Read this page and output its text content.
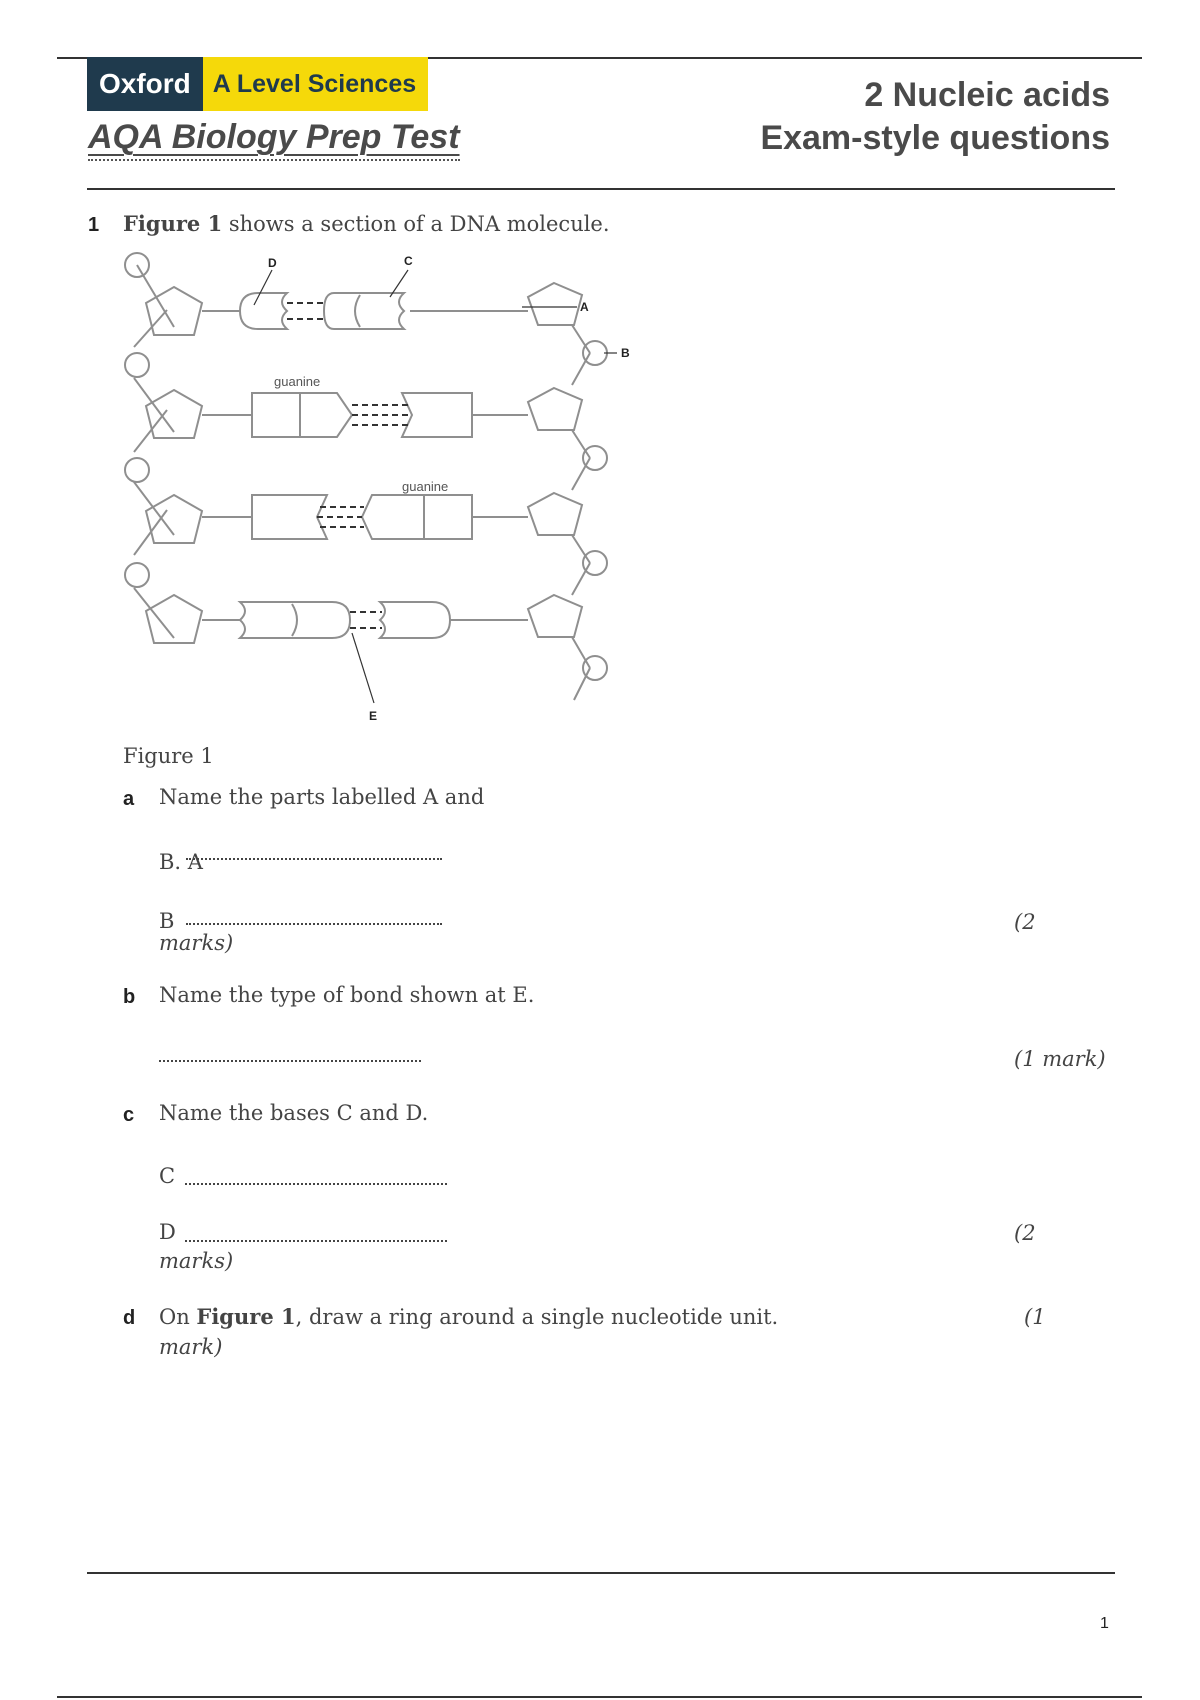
Oxford A Level Sciences
AQA Biology Prep Test
2 Nucleic acids
Exam-style questions
1 Figure 1 shows a section of a DNA molecule.
D	C
A
B
E
guanine
guanine
Figure 1
a Name the parts labelled A and
B. A
B	(2
marks)
b Name the type of bond shown at E.
(1 mark)
c Name the bases C and D.
C
D	(2
marks)
d On Figure 1, draw a ring around a single nucleotide unit.	(1
mark)
1
